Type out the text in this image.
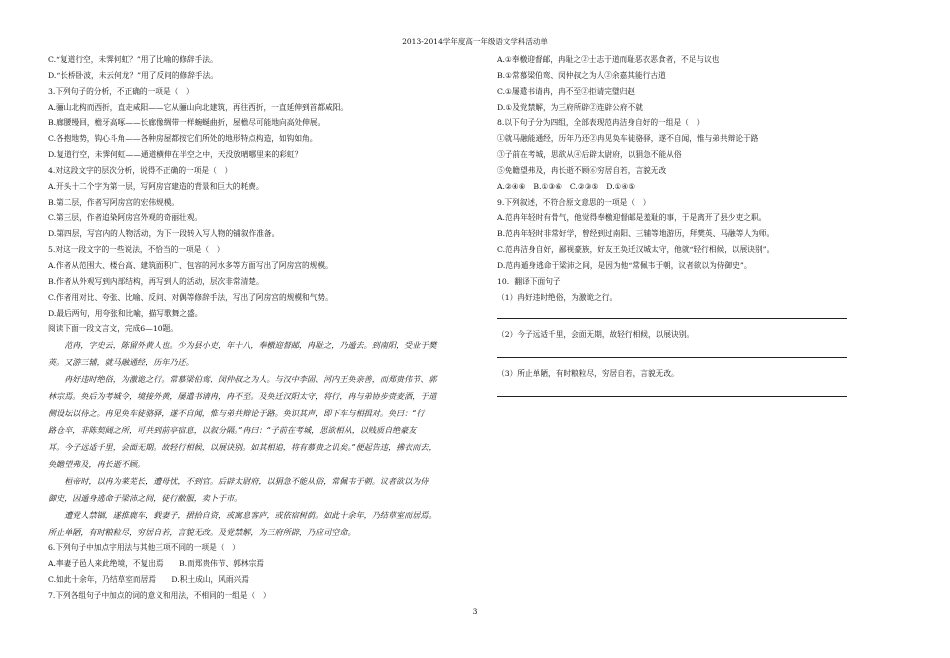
2013-2014学年度高一年级语文学科活动单
C.“复道行空，未霁何虹？”用了比喻的修辞手法。
D.“长桥卧波，未云何龙？”用了反问的修辞手法。
3.下列句子的分析，不正确的一项是（　）
A.骊山北构而西折，直走咸阳——它从骊山向北建筑，再往西折，一直延伸到首都咸阳。
B.廊腰缦回，檐牙高啄——长廊像绸带一样蜿蜒曲折，屋檐尽可能地向高处伸展。
C.各抱地势，钩心斗角——各种房屋都按它们所处的地形特点构造，如钩如角。
D.复道行空，未霁何虹——通道横伸在半空之中，天没放晴哪里来的彩虹？
4.对这段文字的层次分析，说得不正确的一项是（　）
A.开头十二个字为第一层，写阿房宫建造的背景和巨大的耗费。
B.第二层，作者写阿房宫的宏伟规模。
C.第三层，作者追染阿房宫外观的奇丽壮观。
D.第四层，写宫内的人物活动，为下一段转入写人物的铺叙作准备。
5.对这一段文字的一些说法，不恰当的一项是（　）
A.作者从范围大、楼台高、建筑面积广、包容的河水多等方面写出了阿房宫的规模。
B.作者从外观写到内部结构，再写到人的活动，层次非常清楚。
C.作者用对比、夸张、比喻、反问、对偶等修辞手法，写出了阿房宫的规模和气势。
D.最后两句，用夸张和比喻，描写歌舞之盛。
阅读下面一段文言文，完成6—10题。
　　范冉，字史云，陈留外黄人也。少为县小吏，年十八，奉檄迎督邮，冉耻之，乃遁去。到南阳，受业于樊
英。又游三辅，就马融通经，历年乃还。
　　冉好违时绝俗，为激诡之行。常慕梁伯鸾、闵仲叔之为人。与汉中李固、河内王奂亲善，而郑贵伟节、郭
林宗焉。奂后为考城令，境接外黄，屡遣书请冉，冉不至。及奂迁汉阳太守，将行，冉与弟协步赍麦酒，于道
侧设坛以待之。冉见奂车徒骆驿，遂不自闻，惟与弟共辩论于路。奂识其声，即下车与相揖对。奂曰：“行
路仓卒，非陈契阔之所，可共到前亭宿息，以叙分隔。”冉曰：“子前在考城，思欲相从，以贱质自绝豪友
耳。今子远适千里，会面无期。故轻行相候，以展诀别。如其相追，将有慕贵之讥矣。”便起告违，拂衣而去，
奂瞻望弗及，冉长逝不顾。
　　桓帝时，以冉为莱芜长，遭母忧，不到官。后辟太尉府，以狷急不能从俗，常佩韦于朝。议者欲以为侍
御史，因遁身逃命于梁沛之间，徒行敝服，卖卜于市。
　　遭党人禁锢，遂推鹿车，载妻子，捃拾自资，或寓息客庐，或依宿树荫。如此十余年，乃结草室而居焉。
所止单陋，有时粮粒尽，穷居自若，言貌无改。及党禁解，为三府所辟，乃应司空命。
6.下列句子中加点字用法与其他三项不同的一项是（　）
A.率妻子邑人来此绝境，不复出焉　　B.而郑贵伟节、郭林宗焉
C.如此十余年，乃结草室而居焉　　D.积土成山，风雨兴焉
7.下列各组句子中加点的词的意义和用法，不相同的一组是（　）
A.①奉檄迎督邮，冉耻之②士志于道而耻恶衣恶食者，不足与议也
B.①常慕梁伯鸾、闵仲叔之为人②余嘉其能行古道
C.①屡遣书请冉，冉不至②拒请完璧归赵
D.①及党禁解，为三府所辟②连辟公府不就
8.以下句子分为四组，全部表现范冉洁身自好的一组是（　）
①就马融能通经，历年乃还②冉见奂车徒骆驿，遂不自闻，惟与弟共辩论于路
③子前在考城，思欲从④后辟太尉府，以狷急不能从俗
⑤免瞻望弗及，冉长逝不顾⑥穷居自若，言貌无改
A.②④⑥　B.①③⑥　C.②③⑤　D.①④⑤
9.下列叙述，不符合原文意思的一项是（　）
A.范冉年轻时有骨气，他觉得奉檄迎督邮是羞耻的事，于是离开了县少吏之职。
B.范冉年轻时非常好学，曾经到过南阳、三辅等地游历，拜樊英、马融等人为师。
C.范冉洁身自好，鄙视豪族，好友王奂迁汉城太守，他就“轻行相候，以展诀别”。
D.范冉遁身逃命于梁沛之间，是因为他“常佩韦于朝，议者欲以为侍御史”。
10．翻译下面句子
（1）冉好违时绝俗，为激诡之行。
（2）今子远适千里，会面无期，故轻行相候，以展诀别。
（3）所止单陋，有时粮粒尽，穷居自若，言貌无改。
3
